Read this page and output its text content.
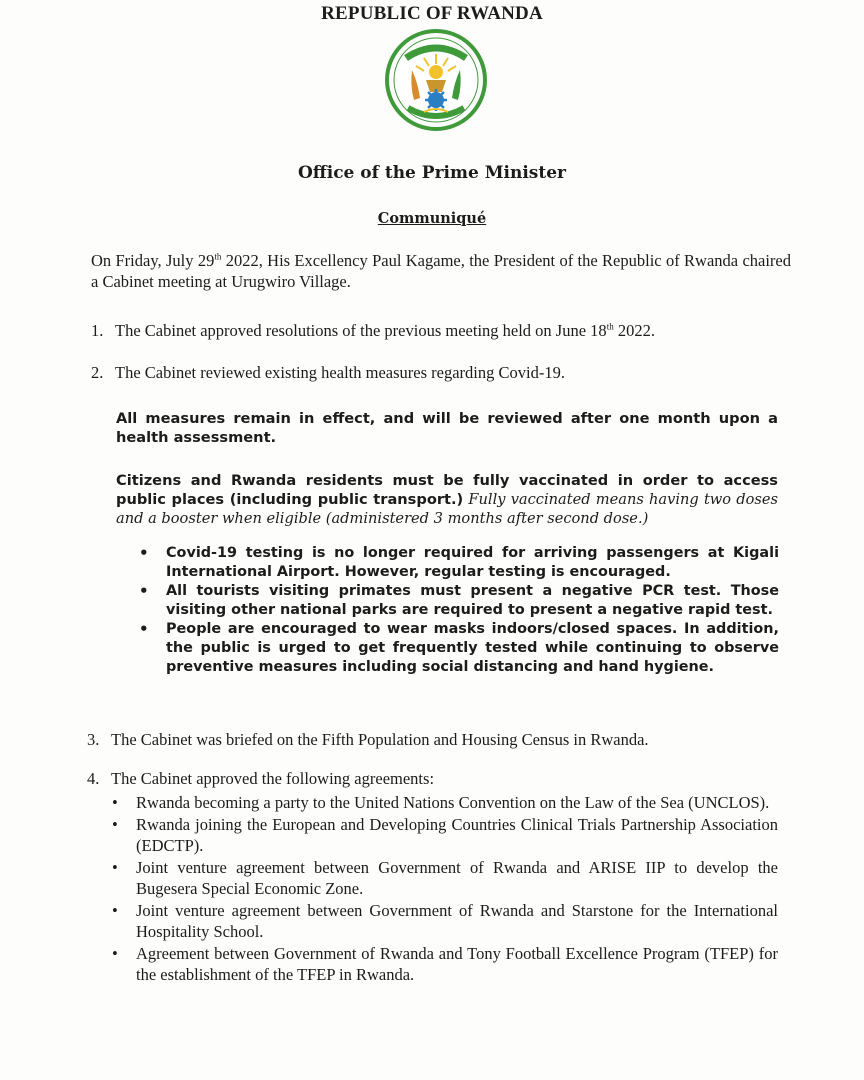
REPUBLIC OF RWANDA
Office of the Prime Minister
Communiqué
On Friday, July 29th 2022, His Excellency Paul Kagame, the President of the Republic of Rwanda chaired a Cabinet meeting at Urugwiro Village.
1. The Cabinet approved resolutions of the previous meeting held on June 18th 2022.
2. The Cabinet reviewed existing health measures regarding Covid-19.
All measures remain in effect, and will be reviewed after one month upon a health assessment.
Citizens and Rwanda residents must be fully vaccinated in order to access public places (including public transport.) Fully vaccinated means having two doses and a booster when eligible (administered 3 months after second dose.)
• Covid-19 testing is no longer required for arriving passengers at Kigali International Airport. However, regular testing is encouraged.
• All tourists visiting primates must present a negative PCR test. Those visiting other national parks are required to present a negative rapid test.
• People are encouraged to wear masks indoors/closed spaces. In addition, the public is urged to get frequently tested while continuing to observe preventive measures including social distancing and hand hygiene.
3. The Cabinet was briefed on the Fifth Population and Housing Census in Rwanda.
4. The Cabinet approved the following agreements:
• Rwanda becoming a party to the United Nations Convention on the Law of the Sea (UNCLOS).
• Rwanda joining the European and Developing Countries Clinical Trials Partnership Association (EDCTP).
• Joint venture agreement between Government of Rwanda and ARISE IIP to develop the Bugesera Special Economic Zone.
• Joint venture agreement between Government of Rwanda and Starstone for the International Hospitality School.
• Agreement between Government of Rwanda and Tony Football Excellence Program (TFEP) for the establishment of the TFEP in Rwanda.
